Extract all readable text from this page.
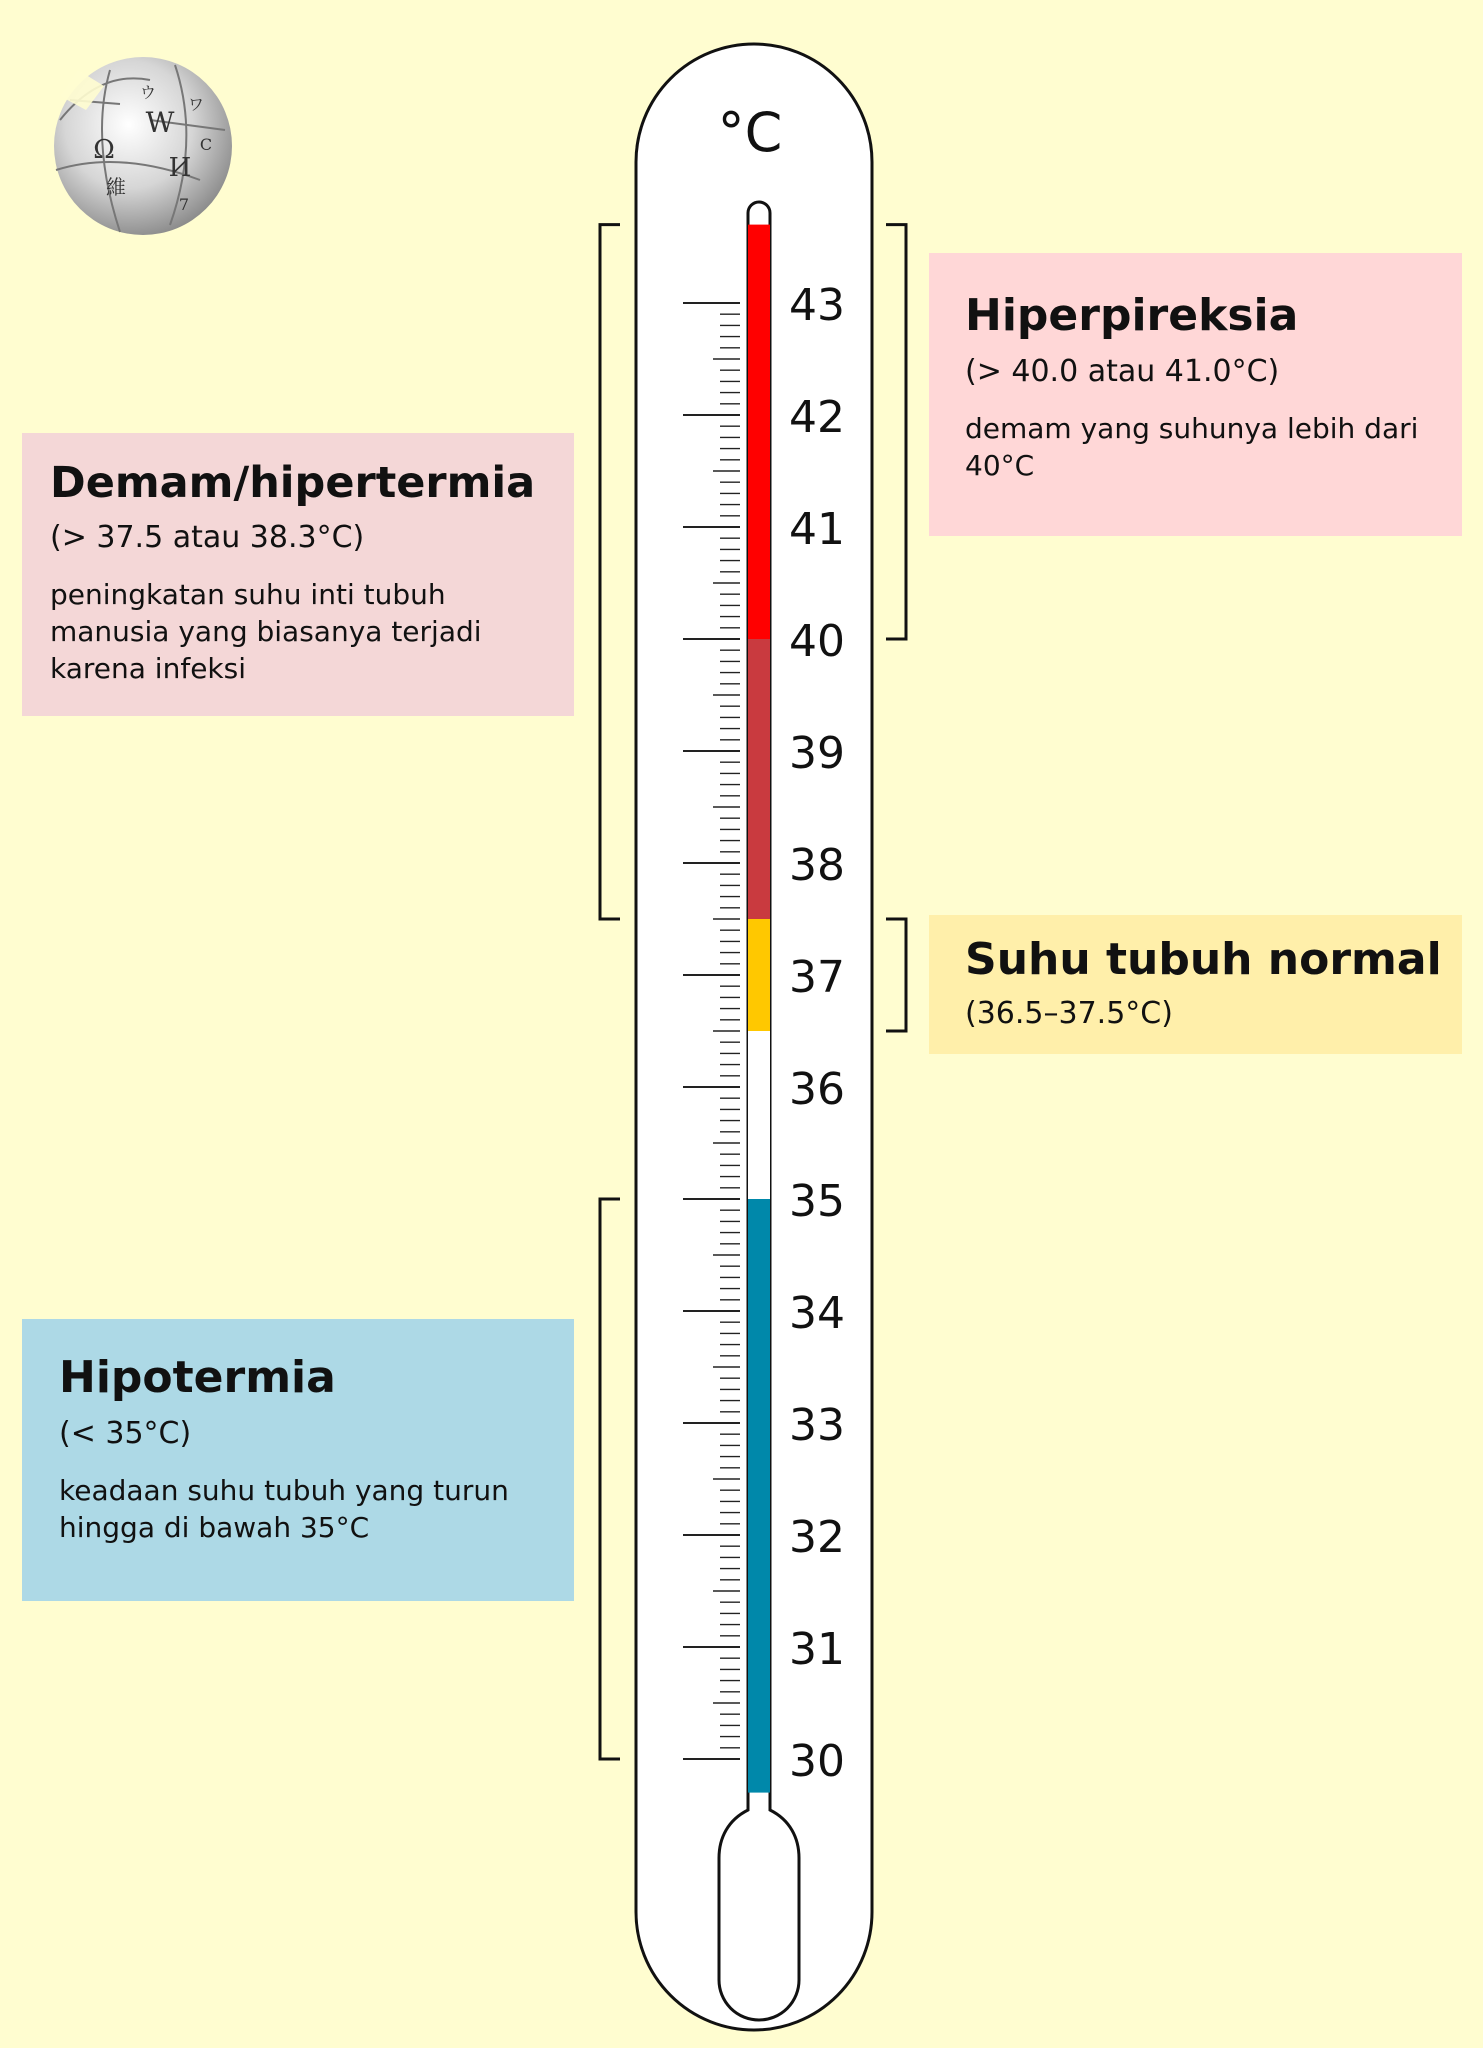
Ω
W
И
維
ウ
ワ
7
С	°C
43
42
41
40
39
38
37
36
35
34
33
32
31
30
Hiperpireksia
(> 40.0 atau 41.0°C)
demam yang suhunya lebih dari 40°C
Demam/hipertermia
(> 37.5 atau 38.3°C)
peningkatan suhu inti tubuh manusia yang biasanya terjadi karena infeksi
Suhu tubuh normal
(36.5–37.5°C)
Hipotermia
(< 35°C)
keadaan suhu tubuh yang turun hingga di bawah 35°C
